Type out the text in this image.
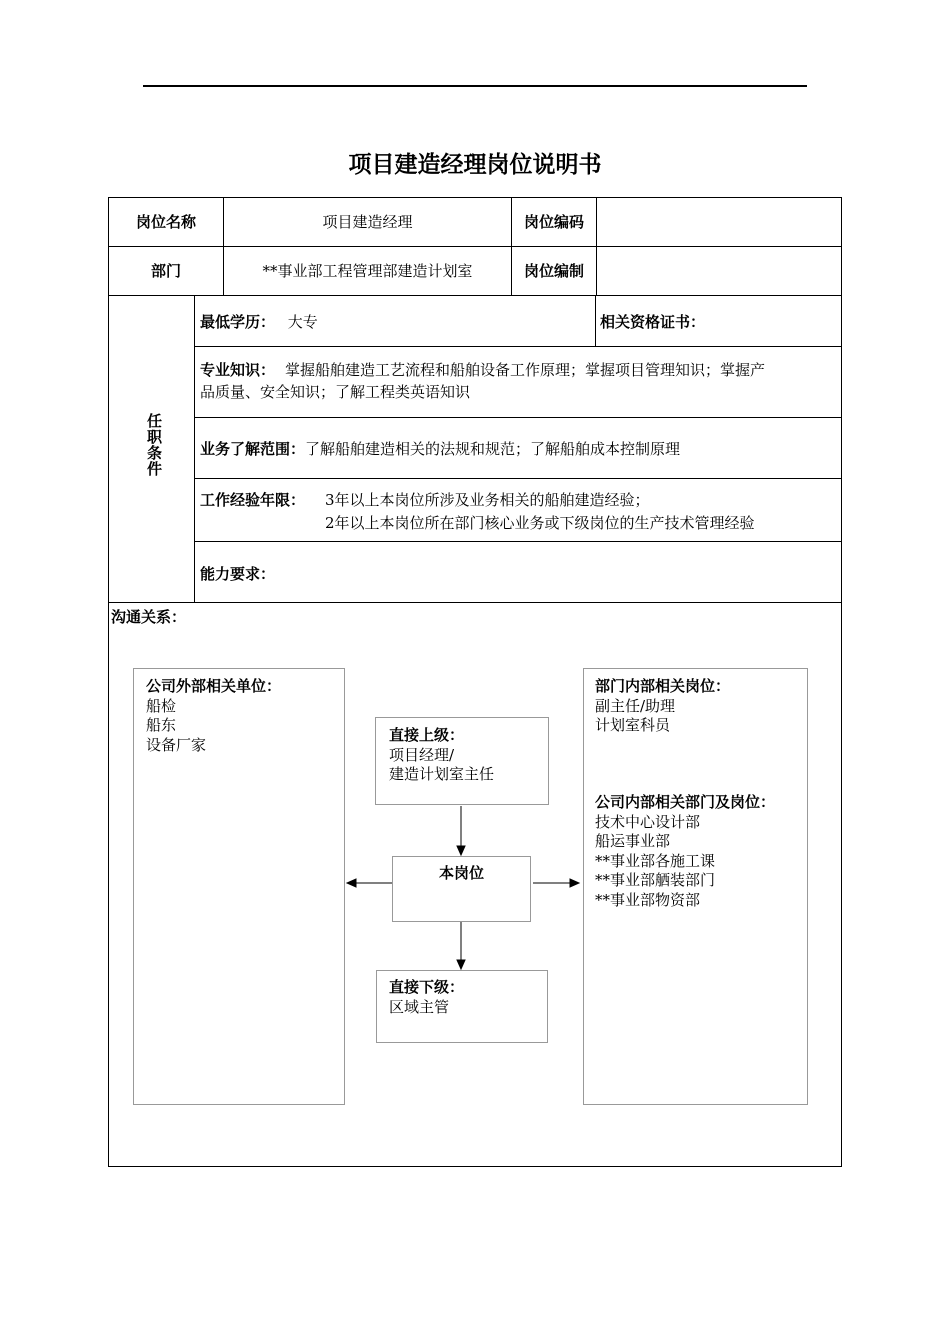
项目建造经理岗位说明书
岗位名称	项目建造经理	岗位编码
部门	**事业部工程管理部建造计划室	岗位编制
任职条件
最低学历： 大专	相关资格证书：
专业知识： 掌握船舶建造工艺流程和船舶设备工作原理；掌握项目管理知识；掌握产
品质量、安全知识；了解工程类英语知识
业务了解范围：了解船舶建造相关的法规和规范；了解船舶成本控制原理
工作经验年限： 3年以上本岗位所涉及业务相关的船舶建造经验；
2年以上本岗位所在部门核心业务或下级岗位的生产技术管理经验
能力要求：
沟通关系：
公司外部相关单位：
船检
船东
设备厂家
直接上级：
项目经理/
建造计划室主任
本岗位
直接下级：
区域主管
部门内部相关岗位：
副主任/助理
计划室科员
公司内部相关部门及岗位：
技术中心设计部
船运事业部
**事业部各施工课
**事业部舾装部门
**事业部物资部
